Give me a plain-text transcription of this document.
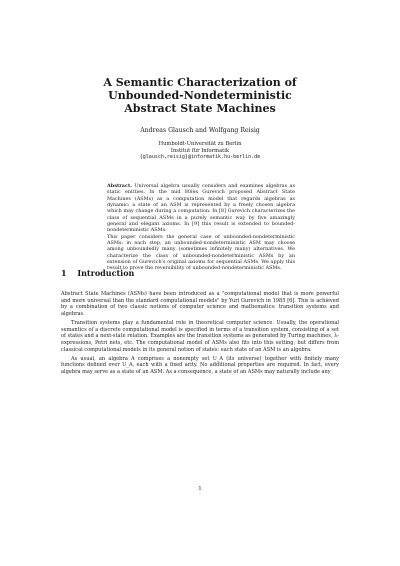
A Semantic Characterization of
Unbounded-Nondeterministic
Abstract State Machines
Andreas Glausch and Wolfgang Reisig
Humboldt-Universität zu Berlin
Institut für Informatik
{glausch,reisig}@informatik.hu-berlin.de

Abstract. Universal algebra usually considers and examines algebras as static entities. In the mid 80ies Gurevich proposed Abstract State Machines (ASMs) as a computation model that regards algebras as dynamic: a state of an ASM is represented by a freely chosen algebra which may change during a computation. In [8] Gurevich characterizes the class of sequential ASMs in a purely semantic way by five amazingly general and elegant axioms. In [9] this result is extended to bounded-nondeterministic ASMs.

This paper considers the general case of unbounded-nondeterministic ASMs: in each step, an unbounded-nondeterministic ASM may choose among unboundedly many (sometimes infinitely many) alternatives. We characterize the class of unbounded-nondeterministic ASMs by an extension of Gurevich's original axioms for sequential ASMs. We apply this result to prove the reversibility of unbounded-nondeterministic ASMs.

1 Introduction

Abstract State Machines (ASMs) have been introduced as a "computational model that is more powerful and more universal than the standard computational models" by Yuri Gurevich in 1985 [6]. This is achieved by a combination of two classic notions of computer science and mathematics: transition systems and algebras.

Transition systems play a fundamental role in theoretical computer science. Usually, the operational semantics of a discrete computational model is specified in terms of a transition system, consisting of a set of states and a next-state relation. Examples are the transition systems as generated by Turing machines, λ-expressions, Petri nets, etc. The computational model of ASMs also fits into this setting, but differs from classical computational models in its general notion of states: each state of an ASM is an algebra.

As usual, an algebra A comprises a nonempty set U_A (its universe) together with finitely many functions defined over U_A, each with a fixed arity. No additional properties are required. In fact, every algebra may serve as a state of an ASM. As a consequence, a state of an ASMs may naturally include any

1
